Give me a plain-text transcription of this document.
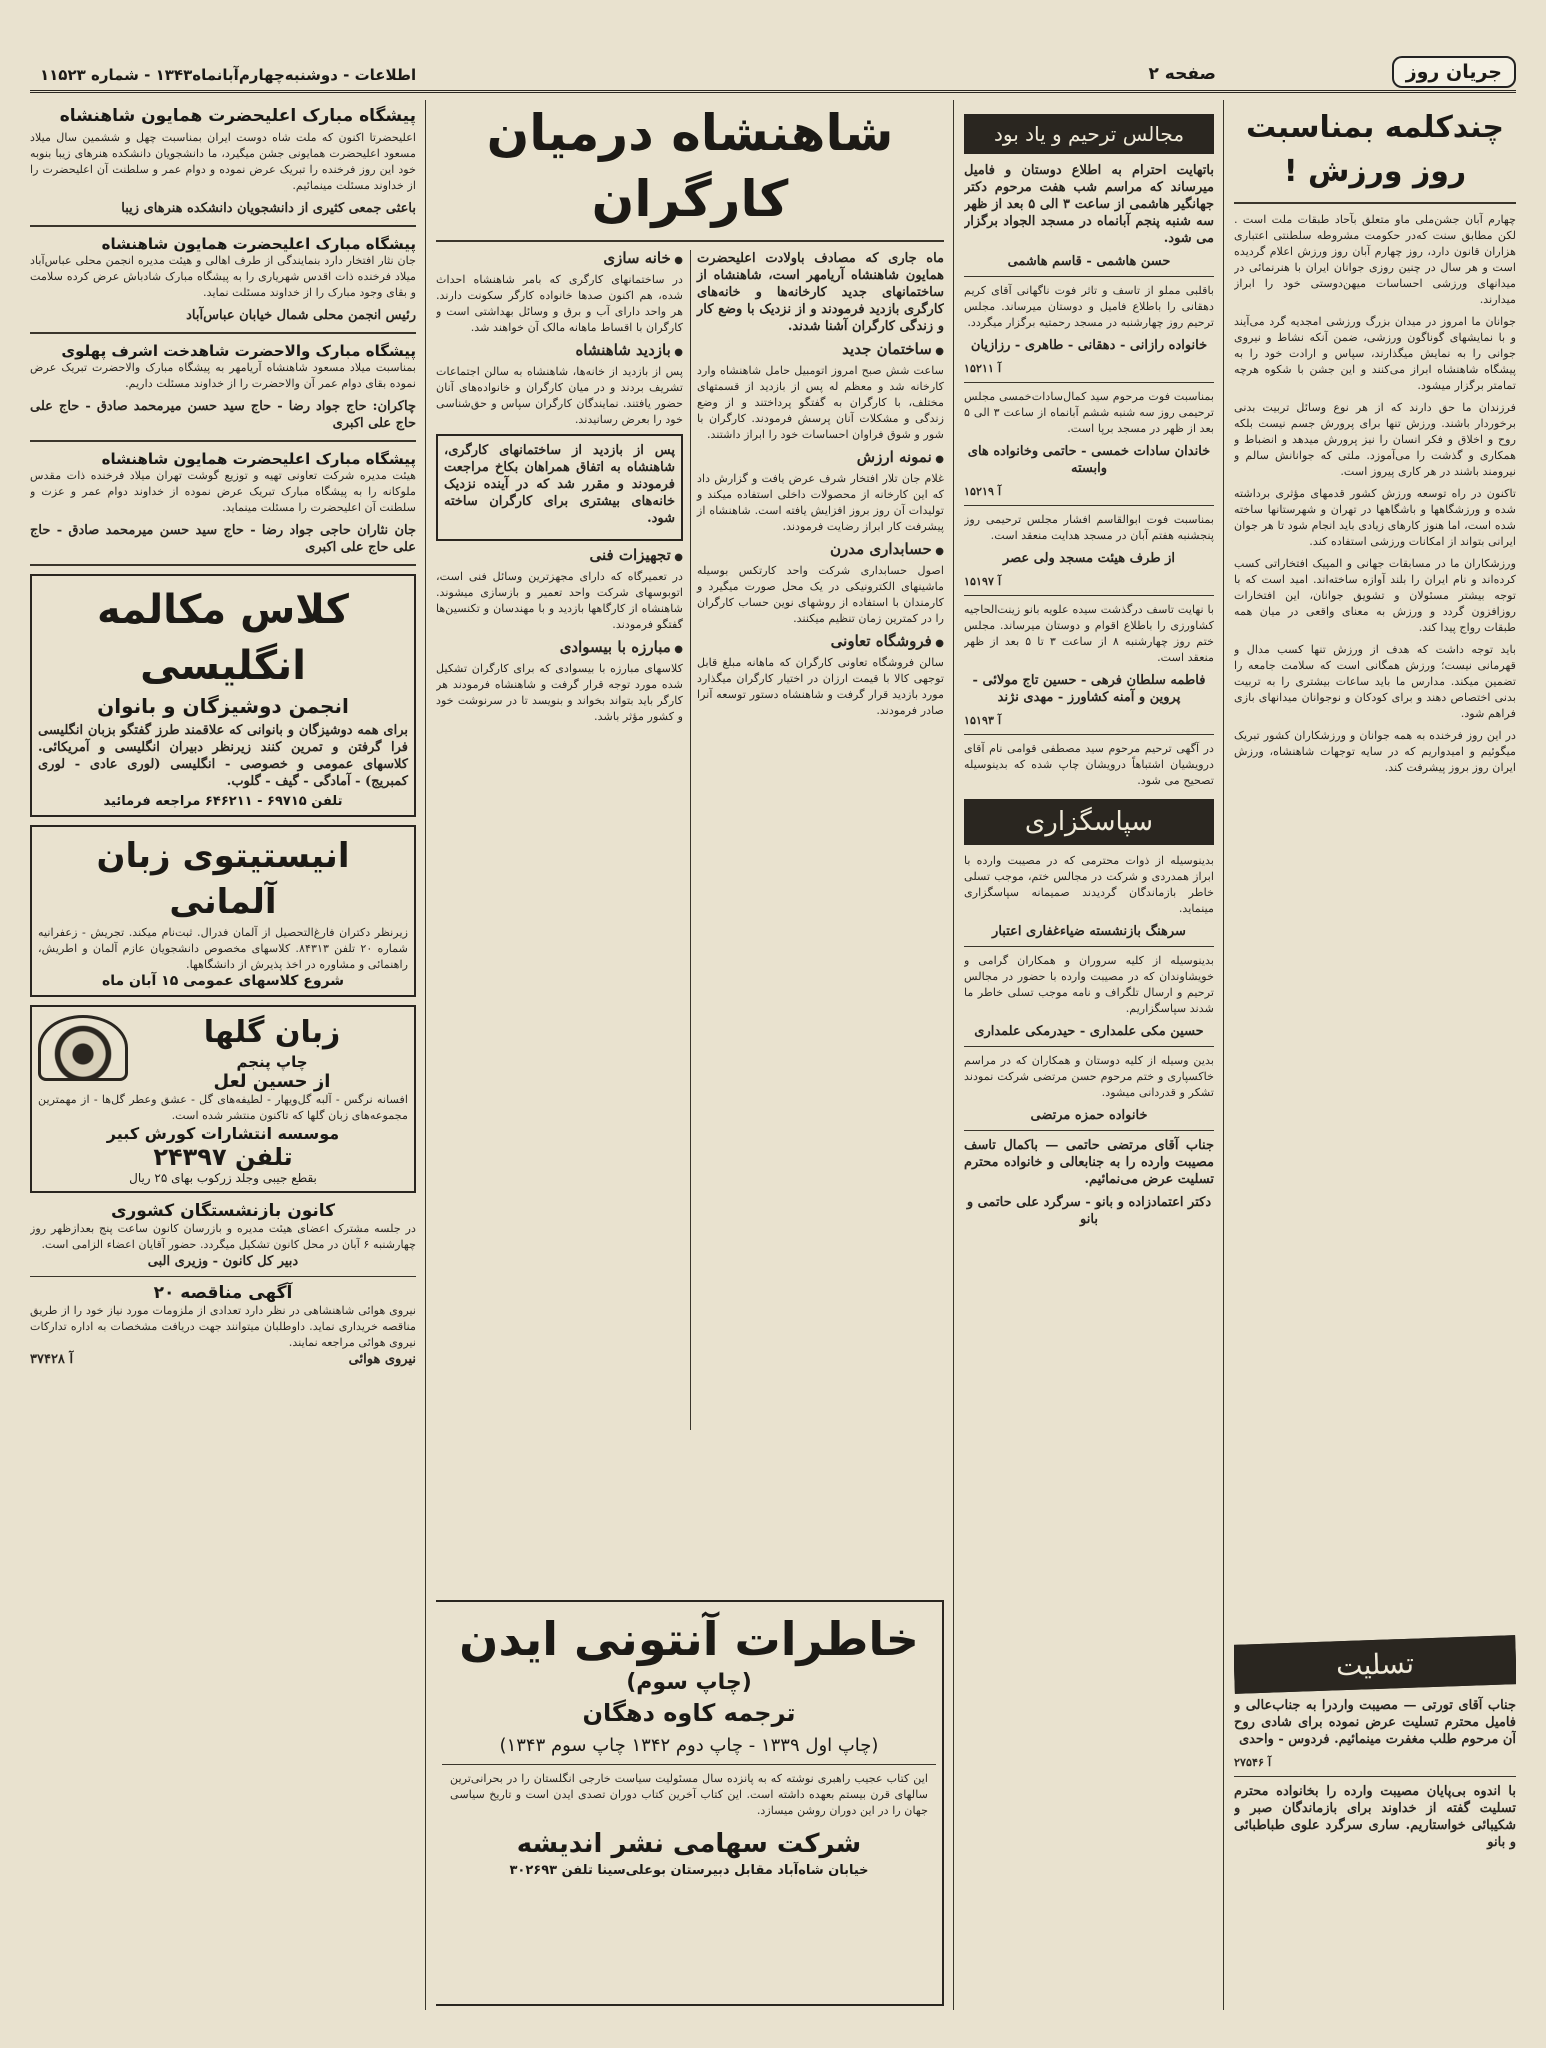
صفحه ۲
اطلاعات - دوشنبه‌چهارم‌آبانماه۱۳۴۳ - شماره ۱۱۵۲۳	جریان روز
چندکلمه بمناسبت روز ورزش !

چهارم آبان جشن‌ملی ماو متعلق بآحاد طبقات ملت است . لکن مطابق سنت که‌در حکومت مشروطه سلطنتی اعتباری هزاران قانون دارد، روز چهارم آبان روز ورزش اعلام گردیده است و هر سال در چنین روزی جوانان ایران با هنرنمائی در میدانهای ورزشی احساسات میهن‌دوستی خود را ابراز میدارند.

جوانان ما امروز در میدان بزرگ ورزشی امجدیه گرد می‌آیند و با نمایشهای گوناگون ورزشی، ضمن آنکه نشاط و نیروی جوانی را به نمایش میگذارند، سپاس و ارادت خود را به پیشگاه شاهنشاه ابراز می‌کنند و این جشن با شکوه هرچه تمامتر برگزار میشود.

فرزندان ما حق دارند که از هر نوع وسائل تربیت بدنی برخوردار باشند. ورزش تنها برای پرورش جسم نیست بلکه روح و اخلاق و فکر انسان را نیز پرورش میدهد و انضباط و همکاری و گذشت را می‌آموزد. ملتی که جوانانش سالم و نیرومند باشند در هر کاری پیروز است.

تاکنون در راه توسعه ورزش کشور قدمهای مؤثری برداشته شده و ورزشگاهها و باشگاهها در تهران و شهرستانها ساخته شده است، اما هنوز کارهای زیادی باید انجام شود تا هر جوان ایرانی بتواند از امکانات ورزشی استفاده کند.

ورزشکاران ما در مسابقات جهانی و المپیک افتخاراتی کسب کرده‌اند و نام ایران را بلند آوازه ساخته‌اند. امید است که با توجه بیشتر مسئولان و تشویق جوانان، این افتخارات روزافزون گردد و ورزش به معنای واقعی در میان همه طبقات رواج پیدا کند.

باید توجه داشت که هدف از ورزش تنها کسب مدال و قهرمانی نیست؛ ورزش همگانی است که سلامت جامعه را تضمین میکند. مدارس ما باید ساعات بیشتری را به تربیت بدنی اختصاص دهند و برای کودکان و نوجوانان میدانهای بازی فراهم شود.

در این روز فرخنده به همه جوانان و ورزشکاران کشور تبریک میگوئیم و امیدواریم که در سایه توجهات شاهنشاه، ورزش ایران روز بروز پیشرفت کند.

تسلیت

جناب آقای تورتی — مصیبت واردرا به جناب‌عالی و فامیل محترم تسلیت عرض نموده برای شادی روح آن مرحوم طلب مغفرت مینمائیم. فردوس - واحدی

آ ۲۷۵۴۶

با اندوه بی‌پایان مصیبت وارده را بخانواده محترم تسلیت گفته از خداوند برای بازماندگان صبر و شکیبائی خواستاریم. ساری سرگرد علوی طباطبائی و بانو

مجالس ترحیم و یاد بود

باتهایت احترام به اطلاع دوستان و فامیل میرساند که مراسم شب هفت مرحوم دکتر جهانگیر هاشمی از ساعت ۳ الی ۵ بعد از ظهر سه شنبه پنجم آبانماه در مسجد الجواد برگزار می شود.

حسن هاشمی - قاسم هاشمی

باقلبی مملو از تاسف و تاثر فوت ناگهانی آقای کریم دهقانی را باطلاع فامیل و دوستان میرساند. مجلس ترحیم روز چهارشنبه در مسجد رحمتیه برگزار میگردد.

خانواده رازانی - دهقانی - طاهری - رزازیان

آ ۱۵۲۱۱

بمناسبت فوت مرحوم سید کمال‌سادات‌خمسی مجلس ترحیمی روز سه شنبه ششم آبانماه از ساعت ۳ الی ۵ بعد از ظهر در مسجد برپا است.

خاندان سادات خمسی - حاتمی وخانواده های وابسته

آ ۱۵۲۱۹

بمناسبت فوت ابوالقاسم افشار مجلس ترحیمی روز پنجشنبه هفتم آبان در مسجد هدایت منعقد است.

از طرف هیئت مسجد ولی عصر

آ ۱۵۱۹۷

با نهایت تاسف درگذشت سیده علویه بانو زینت‌الحاجیه کشاورزی را باطلاع اقوام و دوستان میرساند. مجلس ختم روز چهارشنبه ۸ از ساعت ۳ تا ۵ بعد از ظهر منعقد است.

فاطمه سلطان فرهی - حسین تاج مولائی - پروین و آمنه کشاورز - مهدی نژند

آ ۱۵۱۹۳

در آگهی ترحیم مرحوم سید مصطفی قوامی نام آقای درویشیان اشتباهاً درویشان چاپ شده که بدینوسیله تصحیح می شود.

سپاسگزاری

بدینوسیله از ذوات محترمی که در مصیبت وارده با ابراز همدردی و شرکت در مجالس ختم، موجب تسلی خاطر بازماندگان گردیدند صمیمانه سپاسگزاری مینماید.

سرهنگ بازنشسته ضیاءغفاری اعتبار

بدینوسیله از کلیه سروران و همکاران گرامی و خویشاوندان که در مصیبت وارده با حضور در مجالس ترحیم و ارسال تلگراف و نامه موجب تسلی خاطر ما شدند سپاسگزاریم.

حسین مکی علمداری - حیدرمکی علمداری

بدین وسیله از کلیه دوستان و همکاران که در مراسم خاکسپاری و ختم مرحوم حسن مرتضی شرکت نمودند تشکر و قدردانی میشود.

خانواده حمزه مرتضی

جناب آقای مرتضی حاتمی — باکمال تاسف مصیبت وارده را به جنابعالی و خانواده محترم تسلیت عرض می‌نمائیم.

دکتر اعتمادزاده و بانو - سرگرد علی حاتمی و بانو

شاهنشاه درمیان کارگران

ماه جاری که مصادف باولادت اعلیحضرت همایون شاهنشاه آریامهر است، شاهنشاه از ساختمانهای جدید کارخانه‌ها و خانه‌های کارگری بازدید فرمودند و از نزدیک با وضع کار و زندگی کارگران آشنا شدند.

● ساختمان جدید

ساعت شش صبح امروز اتومبیل حامل شاهنشاه وارد کارخانه شد و معظم له پس از بازدید از قسمتهای مختلف، با کارگران به گفتگو پرداختند و از وضع زندگی و مشکلات آنان پرسش فرمودند. کارگران با شور و شوق فراوان احساسات خود را ابراز داشتند.

● نمونه ارزش

غلام جان تلار افتخار شرف عرض یافت و گزارش داد که این کارخانه از محصولات داخلی استفاده میکند و تولیدات آن روز بروز افزایش یافته است. شاهنشاه از پیشرفت کار ابراز رضایت فرمودند.

● حسابداری مدرن

اصول حسابداری شرکت واحد کارتکس بوسیله ماشینهای الکترونیکی در یک محل صورت میگیرد و کارمندان با استفاده از روشهای نوین حساب کارگران را در کمترین زمان تنظیم میکنند.

● فروشگاه تعاونی

سالن فروشگاه تعاونی کارگران که ماهانه مبلغ قابل توجهی کالا با قیمت ارزان در اختیار کارگران میگذارد مورد بازدید قرار گرفت و شاهنشاه دستور توسعه آنرا صادر فرمودند.

● خانه سازی

در ساختمانهای کارگری که بامر شاهنشاه احداث شده، هم اکنون صدها خانواده کارگر سکونت دارند. هر واحد دارای آب و برق و وسائل بهداشتی است و کارگران با اقساط ماهانه مالک آن خواهند شد.

● بازدید شاهنشاه

پس از بازدید از خانه‌ها، شاهنشاه به سالن اجتماعات تشریف بردند و در میان کارگران و خانواده‌های آنان حضور یافتند. نمایندگان کارگران سپاس و حق‌شناسی خود را بعرض رسانیدند.

پس از بازدید از ساختمانهای کارگری، شاهنشاه به اتفاق همراهان بکاخ مراجعت فرمودند و مقرر شد که در آینده نزدیک خانه‌های بیشتری برای کارگران ساخته شود.

● تجهیزات فنی

در تعمیرگاه که دارای مجهزترین وسائل فنی است، اتوبوسهای شرکت واحد تعمیر و بازسازی میشوند. شاهنشاه از کارگاهها بازدید و با مهندسان و تکنسین‌ها گفتگو فرمودند.

● مبارزه با بیسوادی

کلاسهای مبارزه با بیسوادی که برای کارگران تشکیل شده مورد توجه قرار گرفت و شاهنشاه فرمودند هر کارگر باید بتواند بخواند و بنویسد تا در سرنوشت خود و کشور مؤثر باشد.

خاطرات آنتونی ایدن
(چاپ سوم)
ترجمه کاوه دهگان
(چاپ اول ۱۳۳۹ - چاپ دوم ۱۳۴۲ چاپ سوم ۱۳۴۳)
این کتاب عجیب راهبری نوشته که به پانزده سال مسئولیت سیاست خارجی انگلستان را در بحرانی‌ترین سالهای قرن بیستم بعهده داشته است. این کتاب آخرین کتاب دوران تصدی ایدن است و تاریخ سیاسی جهان را در این دوران روشن میسازد.
شرکت سهامی نشر اندیشه
خیابان شاه‌آباد مقابل دبیرستان بوعلی‌سینا تلفن ۳۰۲۶۹۳
پیشگاه مبارک اعلیحضرت همایون شاهنشاه

اعلیحضرتا اکنون که ملت شاه دوست ایران بمناسبت چهل و ششمین سال میلاد مسعود اعلیحضرت همایونی جشن میگیرد، ما دانشجویان دانشکده هنرهای زیبا بنوبه خود این روز فرخنده را تبریک عرض نموده و دوام عمر و سلطنت آن اعلیحضرت را از خداوند مسئلت مینمائیم.

باعثی جمعی کثیری از دانشجویان دانشکده هنرهای زیبا

پیشگاه مبارک اعلیحضرت همایون شاهنشاه

جان نثار افتخار دارد بنمایندگی از طرف اهالی و هیئت مدیره انجمن محلی عباس‌آباد میلاد فرخنده ذات اقدس شهریاری را به پیشگاه مبارک شادباش عرض کرده سلامت و بقای وجود مبارک را از خداوند مسئلت نماید.

رئیس انجمن محلی شمال خیابان عباس‌آباد

پیشگاه مبارک والاحضرت شاهدخت اشرف پهلوی

بمناسبت میلاد مسعود شاهنشاه آریامهر به پیشگاه مبارک والاحضرت تبریک عرض نموده بقای دوام عمر آن والاحضرت را از خداوند مسئلت داریم.

چاکران: حاج جواد رضا - حاج سید حسن میرمحمد صادق - حاج علی حاج علی اکبری

پیشگاه مبارک اعلیحضرت همایون شاهنشاه

هیئت مدیره شرکت تعاونی تهیه و توزیع گوشت تهران میلاد فرخنده ذات مقدس ملوکانه را به پیشگاه مبارک تبریک عرض نموده از خداوند دوام عمر و عزت و سلطنت آن اعلیحضرت را مسئلت مینماید.

جان نثاران حاجی جواد رضا - حاج سید حسن میرمحمد صادق - حاج علی حاج علی اکبری

کلاس مکالمه انگلیسی
انجمن دوشیزگان و بانوان
برای همه دوشیزگان و بانوانی که علاقمند طرز گفتگو بزبان انگلیسی فرا گرفتن و تمرین کنند زیرنظر دبیران انگلیسی و آمریکائی. کلاسهای عمومی و خصوصی - انگلیسی (لوری عادی - لوری کمبریج) - آمادگی - گیف - گلوب.
تلفن ۶۹۷۱۵ - ۶۴۶۲۱۱ مراجعه فرمائید
انیستیتوی زبان آلمانی
زیرنظر دکتران فارغ‌التحصیل از آلمان فدرال. ثبت‌نام میکند. تجریش - زعفرانیه شماره ۲۰ تلفن ۸۴۳۱۳. کلاسهای مخصوص دانشجویان عازم آلمان و اطریش، راهنمائی و مشاوره در اخذ پذیرش از دانشگاهها.
شروع کلاسهای عمومی ۱۵ آبان ماه
زبان گلها
چاپ پنجم
از حسین لعل
افسانه نرگس - آلبه گل‌ویهار - لطیفه‌های گل - عشق وعطر گل‌ها - از مهمترین مجموعه‌های زبان گلها که تاکنون منتشر شده است.
موسسه انتشارات کورش کبیر
تلفن ۲۴۳۹۷
بقطع جیبی وجلد زرکوب بهای ۲۵ ریال
کانون بازنشستگان کشوری
در جلسه مشترک اعضای هیئت مدیره و بازرسان کانون ساعت پنج بعدازظهر روز چهارشنبه ۶ آبان در محل کانون تشکیل میگردد. حضور آقایان اعضاء الزامی است.
دبیر کل کانون - وزیری البی
آگهی مناقصه ۲۰
نیروی هوائی شاهنشاهی در نظر دارد تعدادی از ملزومات مورد نیاز خود را از طریق مناقصه خریداری نماید. داوطلبان میتوانند جهت دریافت مشخصات به اداره تدارکات نیروی هوائی مراجعه نمایند.
نیروی هوائی
آ ۳۷۴۲۸
